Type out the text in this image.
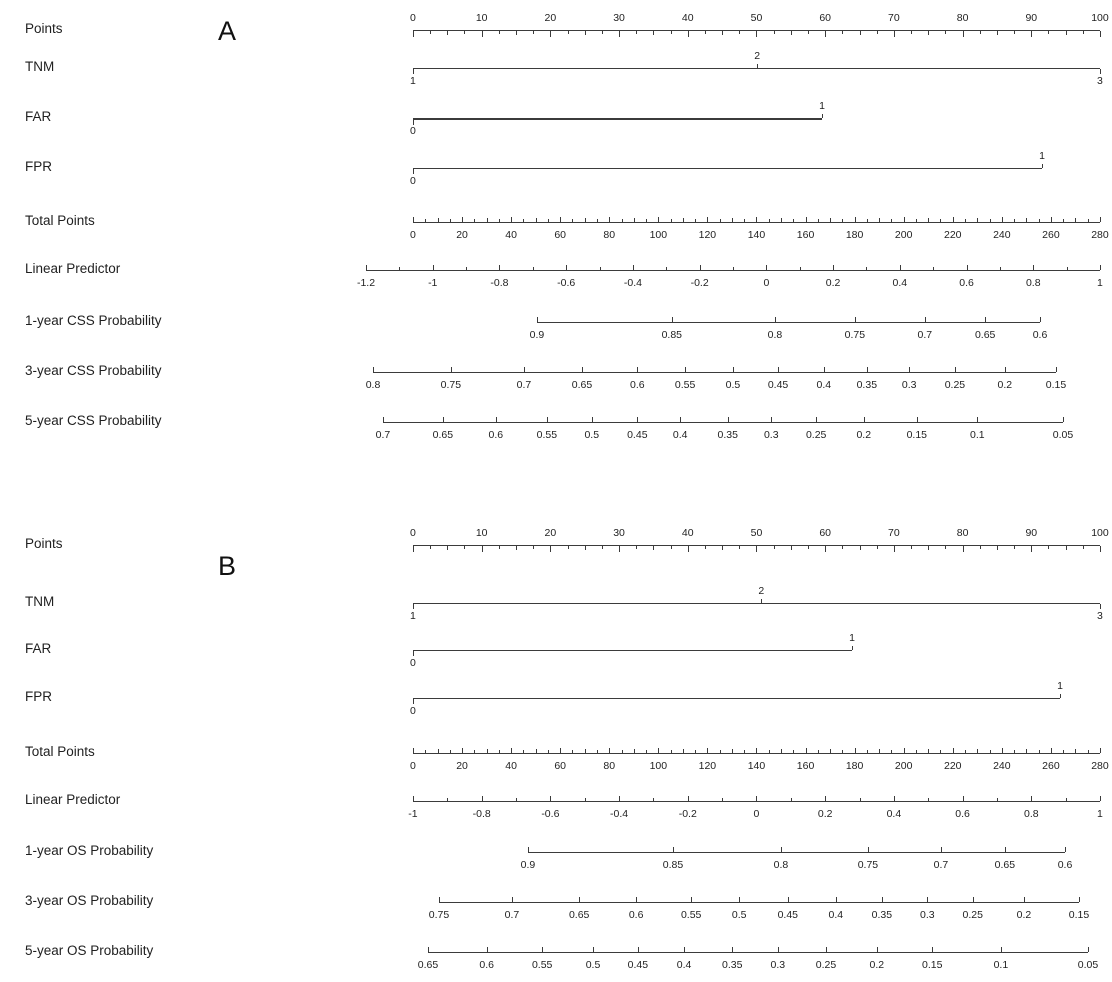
A
B
Points
0	10	20	30	40	50	60	70	80	90	100
TNM
1
2
3
FAR
0
1
FPR
0
1
Total Points
0	20	40	60	80	100	120	140	160	180	200	220	240	260	280
Linear Predictor
-1.2	-1	-0.8	-0.6	-0.4	-0.2	0	0.2	0.4	0.6	0.8	1
1-year CSS Probability
0.9	0.85	0.8	0.75	0.7	0.65	0.6
3-year CSS Probability
0.8	0.75	0.7	0.65	0.6	0.55	0.5	0.45	0.4 0.35 0.3	0.25	0.2	0.15
5-year CSS Probability
0.7	0.65	0.6	0.55	0.5	0.45 0.4	0.35 0.3	0.25	0.2	0.15	0.1	0.05
Points
0	10	20	30	40	50	60	70	80	90	100
TNM
1
2
3
FAR
0
1
FPR
0
1
Total Points
0	20	40	60	80	100	120	140	160	180	200	220	240	260	280
Linear Predictor
-1	-0.8	-0.6	-0.4	-0.2	0	0.2	0.4	0.6	0.8	1
1-year OS Probability
0.9	0.85	0.8	0.75	0.7	0.65	0.6
3-year OS Probability
0.75	0.7	0.65	0.6	0.55	0.5	0.45	0.4	0.35	0.3	0.25	0.2	0.15
5-year OS Probability
0.65	0.6	0.55	0.5	0.45	0.4	0.35	0.3	0.25	0.2	0.15	0.1	0.05
